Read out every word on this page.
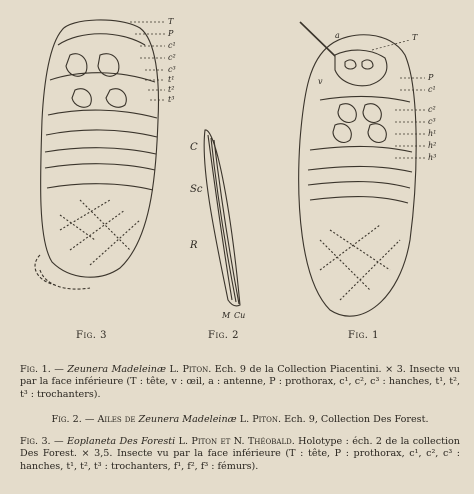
T
P
c¹
c²
c³
t¹
t²
t³
C
Sc
R
M Cu
a
v
T
P
c¹
c²
c³
h¹
h²
h³
Fig. 3	Fig. 2	Fig. 1
Fig. 1. — Zeunera Madeleinæ L. Piton. Ech. 9 de la Collection Piacentini. × 3. Insecte vu par la face inférieure (T : tête, v : œil, a : antenne, P : prothorax, c¹, c², c³ : hanches, t¹, t², t³ : trochanters).
Fig. 2. — Ailes de Zeunera Madeleinæ L. Piton. Ech. 9, Collection Des Forest.
Fig. 3. — Eoplaneta Des Foresti L. Piton et N. Théobald. Holotype : éch. 2 de la collection Des Forest. × 3,5. Insecte vu par la face inférieure (T : tête, P : prothorax, c¹, c², c³ : hanches, t¹, t², t³ : trochanters, f¹, f², f³ : fémurs).
